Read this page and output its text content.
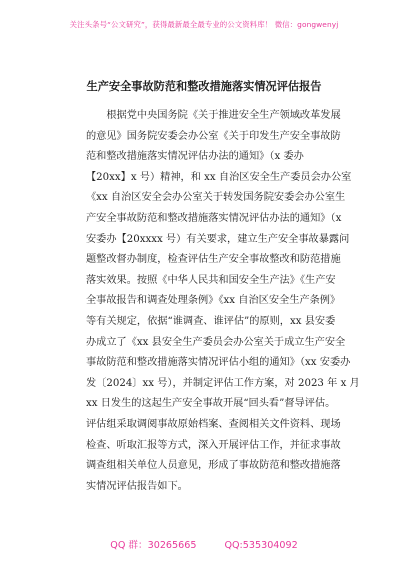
关注头条号“公文研究”，获得最新最全最专业的公文资料库！ 微信：gongwenyj
生产安全事故防范和整改措施落实情况评估报告
　　根据党中央国务院《关于推进安全生产领域改革发展
的意见》国务院安委会办公室《关于印发生产安全事故防
范和整改措施落实情况评估办法的通知》（x 委办
【20xx】x 号）精神，和 xx 自治区安全生产委员会办公室
《xx 自治区安全会办公室关于转发国务院安委会办公室生
产安全事故防范和整改措施落实情况评估办法的通知》（x
安委办【20xxxx 号）有关要求，建立生产安全事故暴露问
题整改督办制度，检查评估生产安全事故整改和防范措施
落实效果。按照《中华人民共和国安全生产法》《生产安
全事故报告和调查处理条例》《xx 自治区安全生产条例》
等有关规定，依据“谁调查、谁评估”的原则，xx 县安委
办成立了《xx 县安全生产委员会办公室关于成立生产安全
事故防范和整改措施落实情况评估小组的通知》（xx 安委办
发〔2024〕xx 号），并制定评估工作方案，对 2023 年 x 月
xx 日发生的这起生产安全事故开展“回头看”督导评估。
评估组采取调阅事故原始档案、查阅相关文件资料、现场
检查、听取汇报等方式，深入开展评估工作，并征求事故
调查组相关单位人员意见，形成了事故防范和整改措施落
实情况评估报告如下。
QQ 群：30265665	QQ:535304092
